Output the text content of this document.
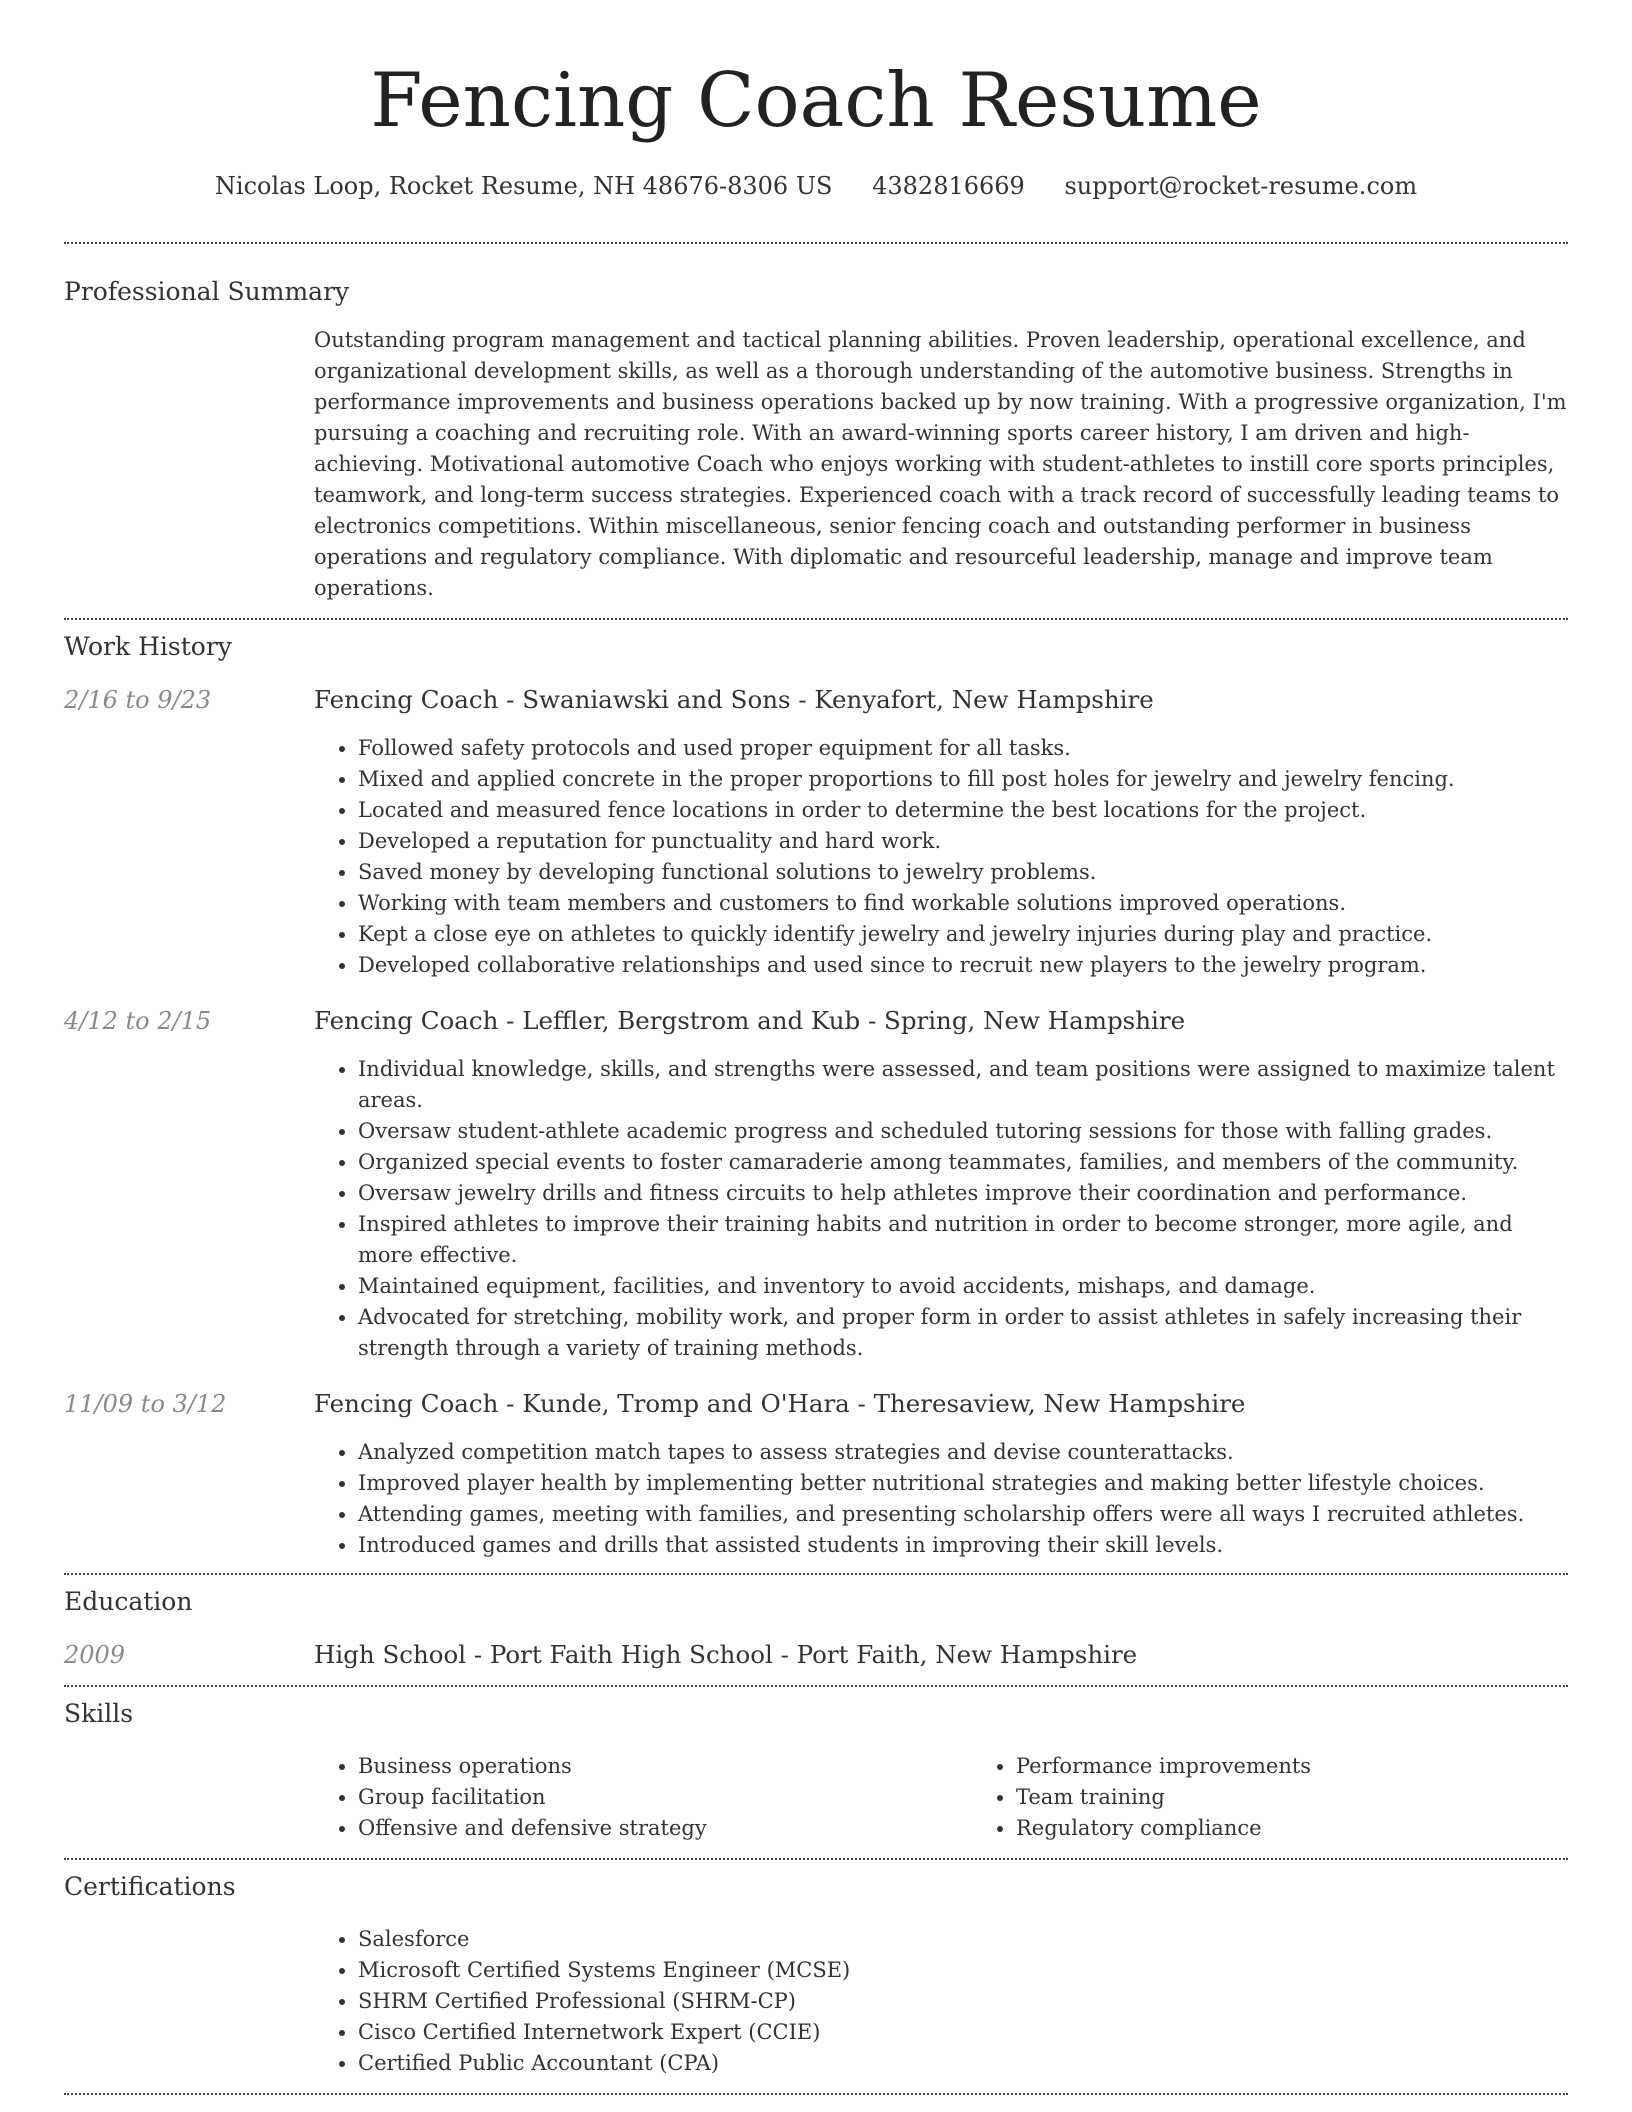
Fencing Coach Resume
Nicolas Loop, Rocket Resume, NH 48676-8306 US 4382816669 support@rocket-resume.com
Professional Summary
Outstanding program management and tactical planning abilities. Proven leadership, operational excellence, and organizational development skills, as well as a thorough understanding of the automotive business. Strengths in performance improvements and business operations backed up by now training. With a progressive organization, I'm pursuing a coaching and recruiting role. With an award-winning sports career history, I am driven and high-achieving. Motivational automotive Coach who enjoys working with student-athletes to instill core sports principles, teamwork, and long-term success strategies. Experienced coach with a track record of successfully leading teams to electronics competitions. Within miscellaneous, senior fencing coach and outstanding performer in business operations and regulatory compliance. With diplomatic and resourceful leadership, manage and improve team operations.
Work History
2/16 to 9/23	Fencing Coach - Swaniawski and Sons - Kenyafort, New Hampshire
• Followed safety protocols and used proper equipment for all tasks.
• Mixed and applied concrete in the proper proportions to fill post holes for jewelry and jewelry fencing.
• Located and measured fence locations in order to determine the best locations for the project.
• Developed a reputation for punctuality and hard work.
• Saved money by developing functional solutions to jewelry problems.
• Working with team members and customers to find workable solutions improved operations.
• Kept a close eye on athletes to quickly identify jewelry and jewelry injuries during play and practice.
• Developed collaborative relationships and used since to recruit new players to the jewelry program.
4/12 to 2/15	Fencing Coach - Leffler, Bergstrom and Kub - Spring, New Hampshire
• Individual knowledge, skills, and strengths were assessed, and team positions were assigned to maximize talent areas.
• Oversaw student-athlete academic progress and scheduled tutoring sessions for those with falling grades.
• Organized special events to foster camaraderie among teammates, families, and members of the community.
• Oversaw jewelry drills and fitness circuits to help athletes improve their coordination and performance.
• Inspired athletes to improve their training habits and nutrition in order to become stronger, more agile, and more effective.
• Maintained equipment, facilities, and inventory to avoid accidents, mishaps, and damage.
• Advocated for stretching, mobility work, and proper form in order to assist athletes in safely increasing their strength through a variety of training methods.
11/09 to 3/12	Fencing Coach - Kunde, Tromp and O'Hara - Theresaview, New Hampshire
• Analyzed competition match tapes to assess strategies and devise counterattacks.
• Improved player health by implementing better nutritional strategies and making better lifestyle choices.
• Attending games, meeting with families, and presenting scholarship offers were all ways I recruited athletes.
• Introduced games and drills that assisted students in improving their skill levels.
Education
2009	High School - Port Faith High School - Port Faith, New Hampshire
Skills
• Business operations
• Group facilitation
• Offensive and defensive strategy
• Performance improvements
• Team training
• Regulatory compliance
Certifications
• Salesforce
• Microsoft Certified Systems Engineer (MCSE)
• SHRM Certified Professional (SHRM-CP)
• Cisco Certified Internetwork Expert (CCIE)
• Certified Public Accountant (CPA)
